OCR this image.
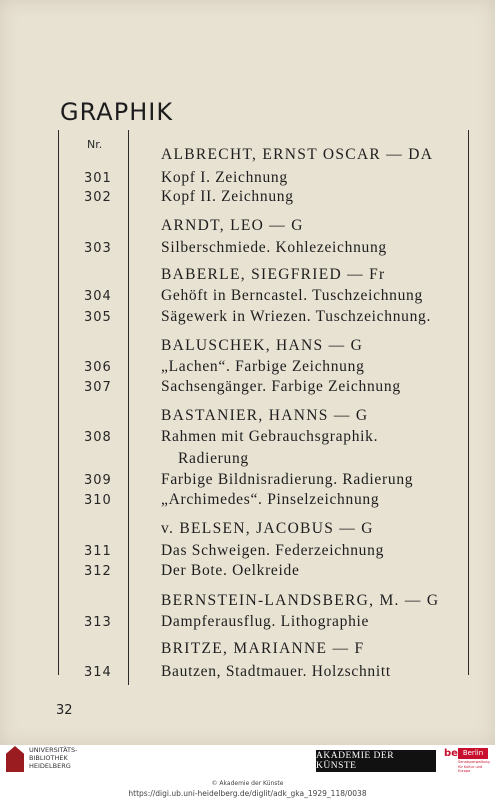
GRAPHIK
Nr.
ALBRECHT, ERNST OSCAR — DA
301	Kopf I. Zeichnung
302	Kopf II. Zeichnung
ARNDT, LEO — G
303	Silberschmiede. Kohlezeichnung
BABERLE, SIEGFRIED — Fr
304	Gehöft in Berncastel. Tuschzeichnung
305	Sägewerk in Wriezen. Tuschzeichnung.
BALUSCHEK, HANS — G
306	„Lachen“. Farbige Zeichnung
307	Sachsengänger. Farbige Zeichnung
BASTANIER, HANNS — G
308	Rahmen mit Gebrauchsgraphik.
Radierung
309	Farbige Bildnisradierung. Radierung
310	„Archimedes“. Pinselzeichnung
v. BELSEN, JACOBUS — G
311	Das Schweigen. Federzeichnung
312	Der Bote. Oelkreide
BERNSTEIN-LANDSBERG, M. — G
313	Dampferausflug. Lithographie
BRITZE, MARIANNE — F
314	Bautzen, Stadtmauer. Holzschnitt
32
UNIVERSITÄTS-
BIBLIOTHEK
HEIDELBERG
AKADEMIE DER KÜNSTE
be Berlin
Senatsverwaltung für Kultur und Europa
© Akademie der Künste
https://digi.ub.uni-heidelberg.de/diglit/adk_gka_1929_118/0038
